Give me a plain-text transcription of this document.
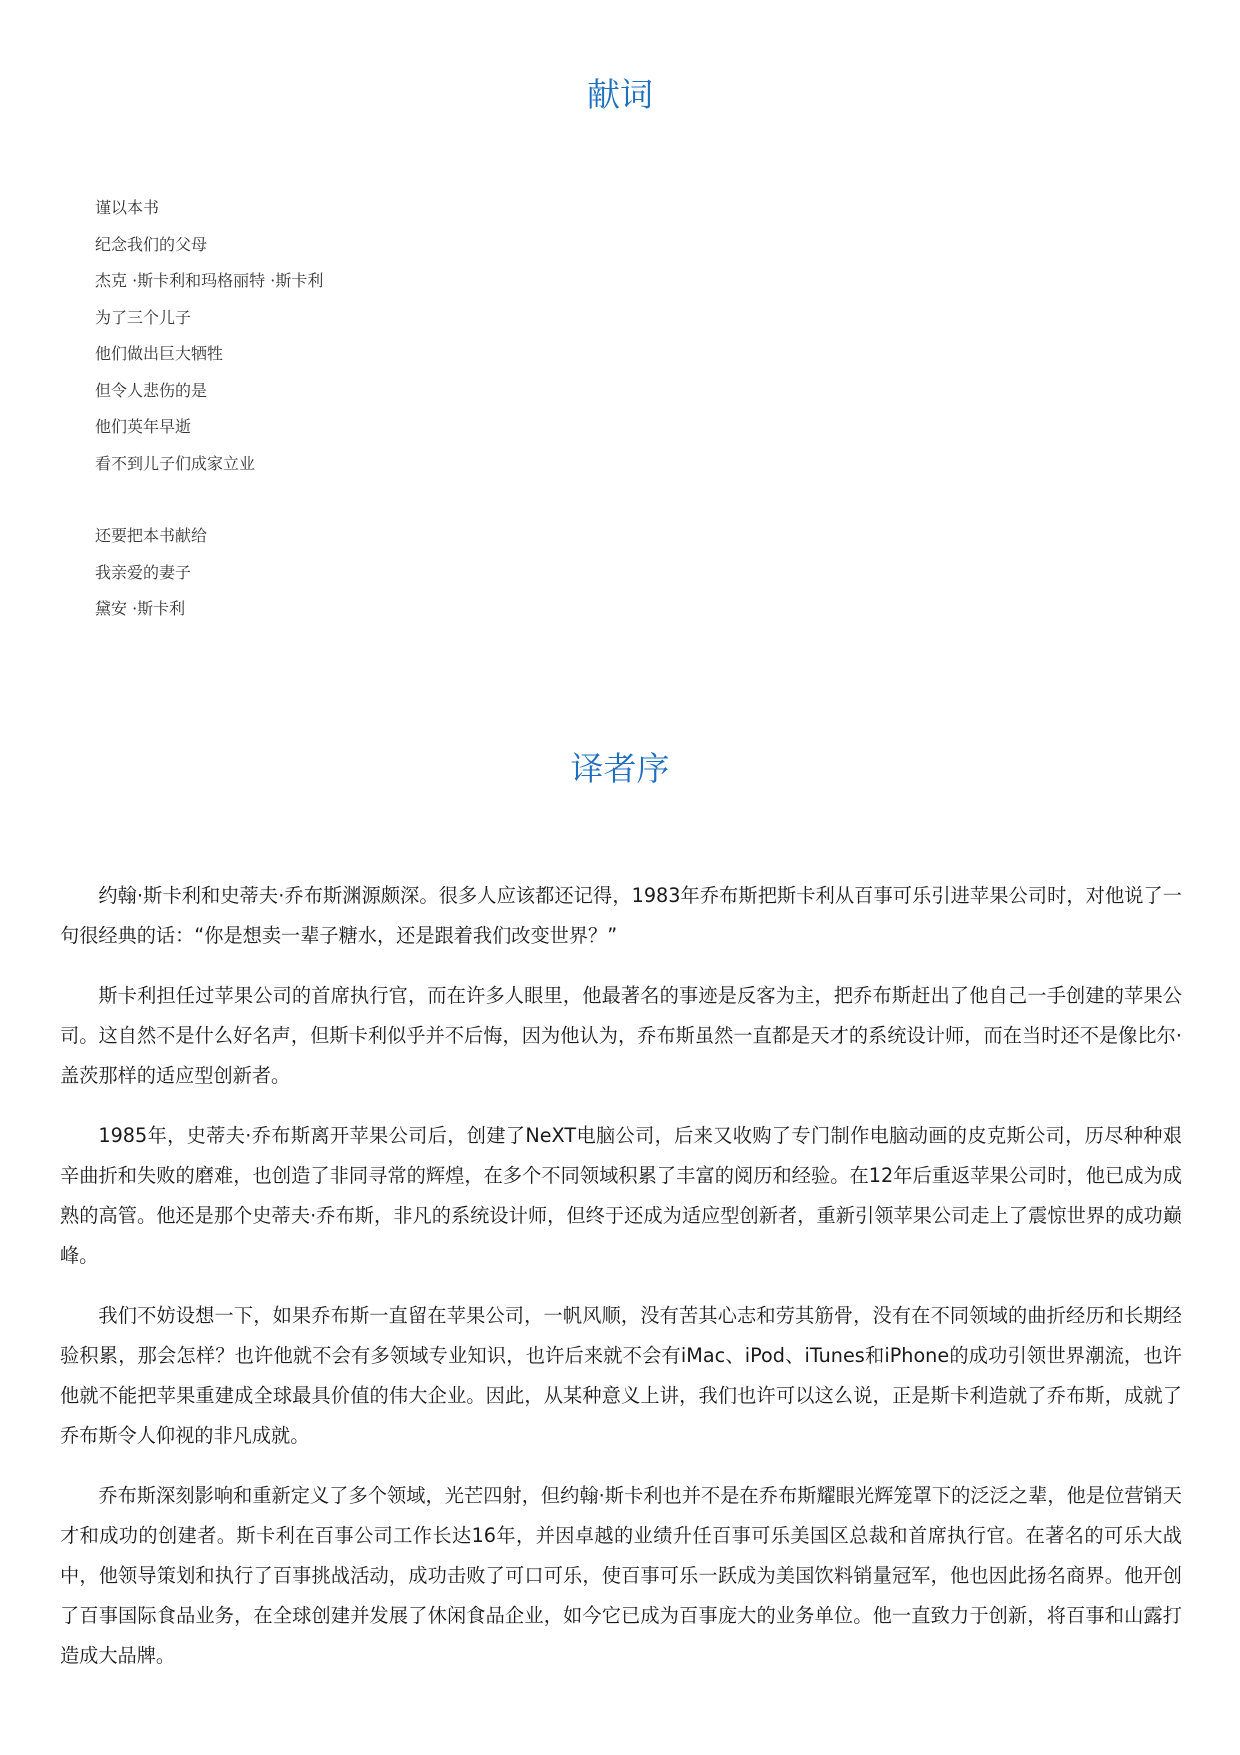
献词
谨以本书
纪念我们的父母
杰克 ·斯卡利和玛格丽特 ·斯卡利
为了三个儿子
他们做出巨大牺牲
但令人悲伤的是
他们英年早逝
看不到儿子们成家立业
还要把本书献给
我亲爱的妻子
黛安 ·斯卡利
译者序

约翰·斯卡利和史蒂夫·乔布斯渊源颇深。很多人应该都还记得，1983年乔布斯把斯卡利从百事可乐引进苹果公司时，对他说了一句很经典的话：“你是想卖一辈子糖水，还是跟着我们改变世界？”

斯卡利担任过苹果公司的首席执行官，而在许多人眼里，他最著名的事迹是反客为主，把乔布斯赶出了他自己一手创建的苹果公司。这自然不是什么好名声，但斯卡利似乎并不后悔，因为他认为，乔布斯虽然一直都是天才的系统设计师，而在当时还不是像比尔·盖茨那样的适应型创新者。

1985年，史蒂夫·乔布斯离开苹果公司后，创建了NeXT电脑公司，后来又收购了专门制作电脑动画的皮克斯公司，历尽种种艰辛曲折和失败的磨难，也创造了非同寻常的辉煌，在多个不同领域积累了丰富的阅历和经验。在12年后重返苹果公司时，他已成为成熟的高管。他还是那个史蒂夫·乔布斯，非凡的系统设计师，但终于还成为适应型创新者，重新引领苹果公司走上了震惊世界的成功巅峰。

我们不妨设想一下，如果乔布斯一直留在苹果公司，一帆风顺，没有苦其心志和劳其筋骨，没有在不同领域的曲折经历和长期经验积累，那会怎样？也许他就不会有多领域专业知识，也许后来就不会有iMac、iPod、iTunes和iPhone的成功引领世界潮流，也许他就不能把苹果重建成全球最具价值的伟大企业。因此，从某种意义上讲，我们也许可以这么说，正是斯卡利造就了乔布斯，成就了乔布斯令人仰视的非凡成就。

乔布斯深刻影响和重新定义了多个领域，光芒四射，但约翰·斯卡利也并不是在乔布斯耀眼光辉笼罩下的泛泛之辈，他是位营销天才和成功的创建者。斯卡利在百事公司工作长达16年，并因卓越的业绩升任百事可乐美国区总裁和首席执行官。在著名的可乐大战中，他领导策划和执行了百事挑战活动，成功击败了可口可乐，使百事可乐一跃成为美国饮料销量冠军，他也因此扬名商界。他开创了百事国际食品业务，在全球创建并发展了休闲食品企业，如今它已成为百事庞大的业务单位。他一直致力于创新，将百事和山露打造成大品牌。
